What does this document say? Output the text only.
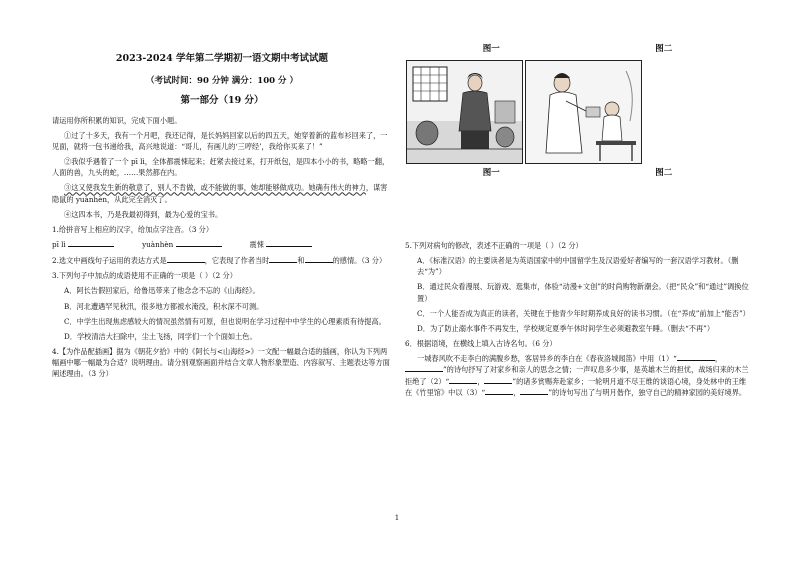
2023-2024 学年第二学期初一语文期中考试试题
（考试时间：90 分钟 满分：100 分 ）
第一部分（19 分）

请运用你所积累的知识，完成下面小题。

①过了十多天，我有一个月吧，我还记得，是长妈妈回家以后的四五天，她穿着新的蓝布衫回来了，一见面，就将一包书递给我，高兴地说道：“哥儿，有画儿的‘三哼经’，我给你买来了！”

②我似乎遇着了一个 pī lì，全体都震悚起来；赶紧去接过来，打开纸包，是四本小小的书，略略一翻，人面的兽，九头的蛇，……果然都在内。

③这又使我发生新的敬意了，别人不肯做，或不能做的事，她却能够做成功。她确有伟大的神力，谋害隐鼠的 yuànhèn，从此完全消灭了。

④这四本书，乃是我最初得到，最为心爱的宝书。

1.给拼音写上相应的汉字，给加点字注音。（3 分）

pī lì	yuànhèn	震悚

2.选文中画线句子运用的表达方式是	，它表现了作者当时	和	的感情。（3 分）

3.下列句子中加点的成语使用不正确的一项是（ ）（2 分）

A．阿长告假回家后，给鲁迅带来了他念念不忘的《山海经》。

B．河北遭遇罕见秋汛，很多地方都被水淹没，积水深不可测。

C．中学生出现焦虑感较大的情况虽然情有可原，但也说明在学习过程中中学生的心理素质有待提高。

D．学校清洁大扫除中，尘土飞扬，同学们一个个面如土色。

4.【为作品配插画】据为《朝花夕拾》中的《阿长与<山海经>》一文配一幅最合适的插画，你认为下列两幅画中哪一幅最为合适？说明理由。请分别观察画面并结合文章人物形象塑造、内容叙写、主题表达等方面阐述理由。（3 分）

图一	图二
图一	图二

5.下列对病句的修改，表述不正确的一项是（ ）（2 分）

A．《标准汉语》的主要读者是为英语国家中的中国留学生及汉语爱好者编写的一套汉语学习教材。（删去“为”）

B．通过民众看漫展、玩游戏、逛集市，体验“动漫+文创”的时尚购物新潮会。（把“民众”和“通过”调换位置）

C．一个人能否成为真正的读者，关键在于他青少年时期养成良好的读书习惯。（在“养成”前加上“能否”）

D．为了防止溺水事件不再发生，学校规定夏季午休时间学生必须避教室午睡。（删去“不再”）

6．根据语境，在横线上填入古诗名句。（6 分）

一城春风吹不走李白的满腹乡愁，客居异乡的李白在《春夜洛城闻笛》中用（1）“	，”的诗句抒写了对家乡和亲人的思念之情；一声叹息多少事，是英雄木兰的担忧，战场归来的木兰拒绝了（2）“	，	”的诸多赏赐奔赴家乡；一轮明月道不尽王维的谈语心境，身处林中的王维在《竹里馆》中以（3）“	，	”的诗句写出了与明月偕作，独守自己的精神家园的美好境界。

1
